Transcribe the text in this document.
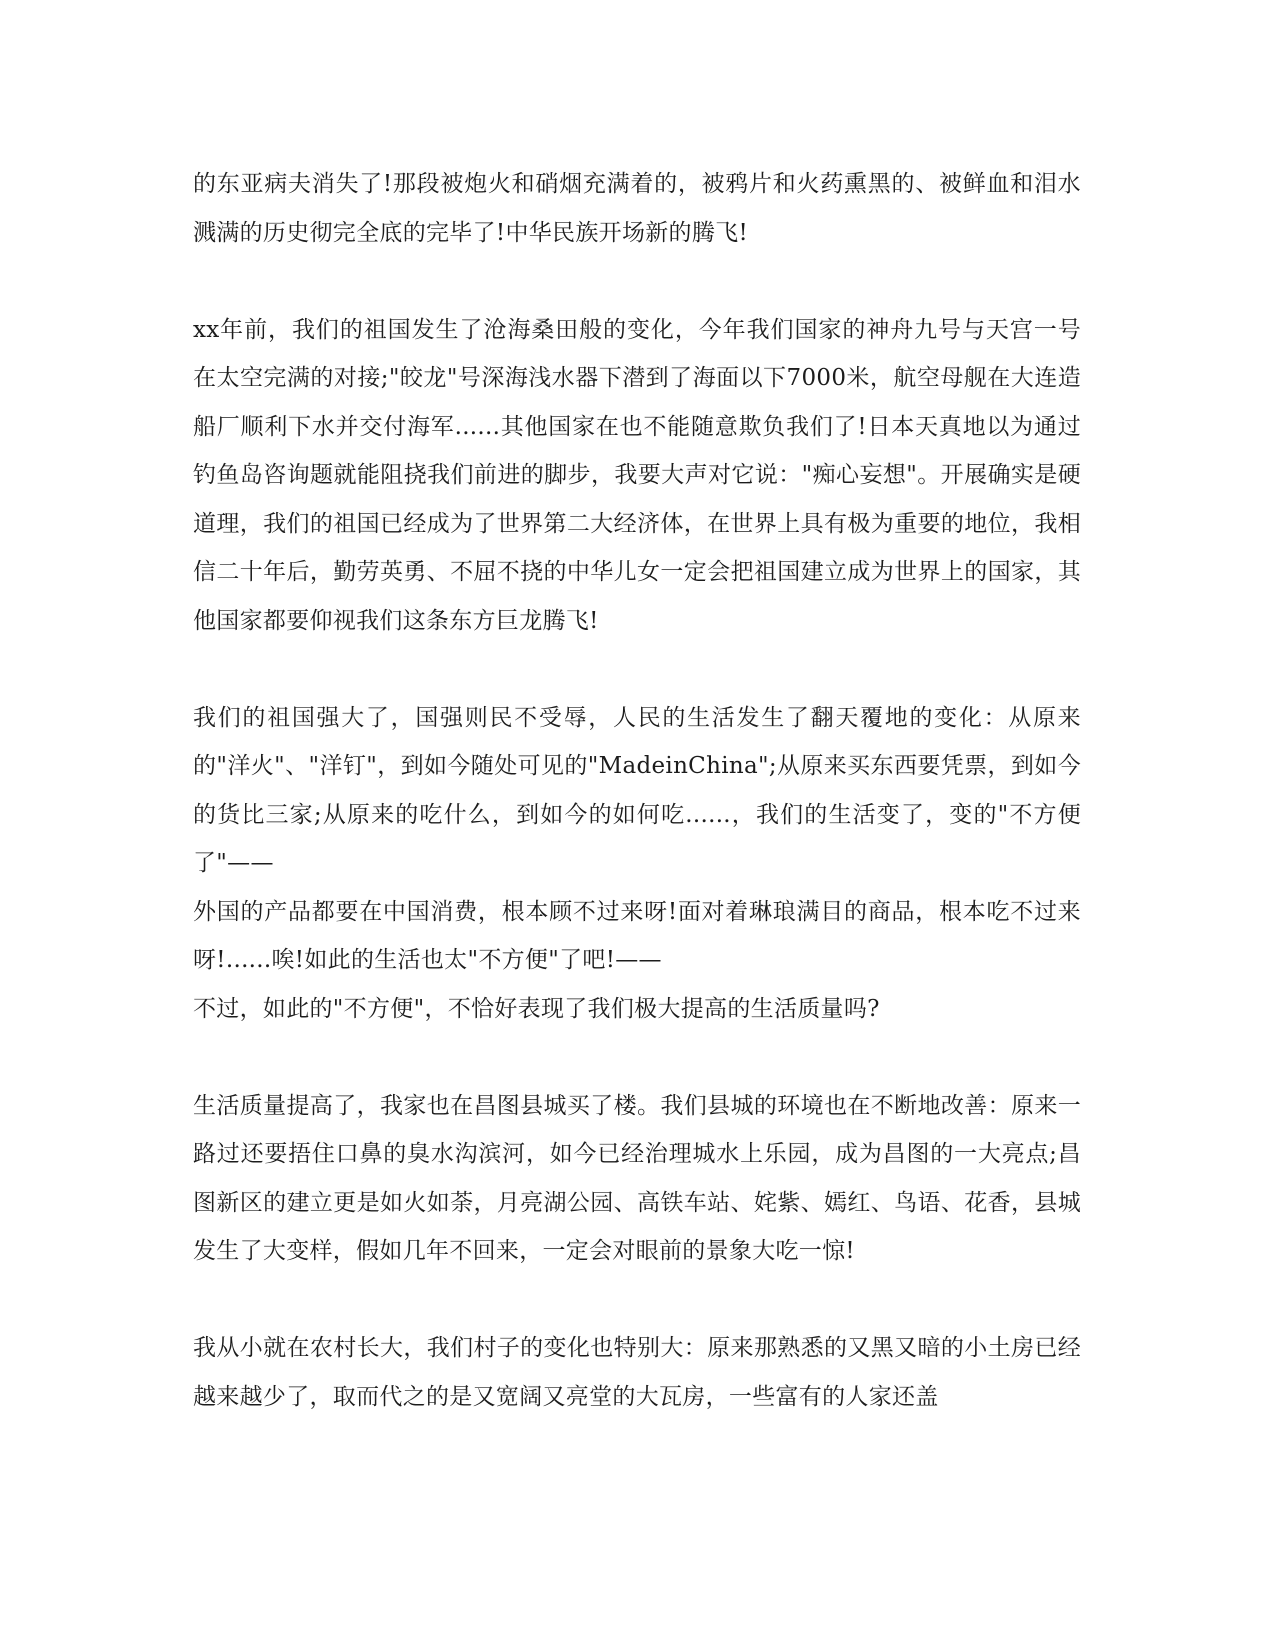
的东亚病夫消失了!那段被炮火和硝烟充满着的，被鸦片和火药熏黑的、被鲜血和泪水溅满的历史彻完全底的完毕了!中华民族开场新的腾飞!

xx年前，我们的祖国发生了沧海桑田般的变化，今年我们国家的神舟九号与天宫一号在太空完满的对接;"皎龙"号深海浅水器下潜到了海面以下7000米，航空母舰在大连造船厂顺利下水并交付海军......其他国家在也不能随意欺负我们了!日本天真地以为通过钓鱼岛咨询题就能阻挠我们前进的脚步，我要大声对它说："痴心妄想"。开展确实是硬道理，我们的祖国已经成为了世界第二大经济体，在世界上具有极为重要的地位，我相信二十年后，勤劳英勇、不屈不挠的中华儿女一定会把祖国建立成为世界上的国家，其他国家都要仰视我们这条东方巨龙腾飞!

我们的祖国强大了，国强则民不受辱，人民的生活发生了翻天覆地的变化：从原来的"洋火"、"洋钉"，到如今随处可见的"MadeinChina";从原来买东西要凭票，到如今的货比三家;从原来的吃什么，到如今的如何吃......，我们的生活变了，变的"不方便了"——

外国的产品都要在中国消费，根本顾不过来呀!面对着琳琅满目的商品，根本吃不过来呀!......唉!如此的生活也太"不方便"了吧!——

不过，如此的"不方便"，不恰好表现了我们极大提高的生活质量吗?

生活质量提高了，我家也在昌图县城买了楼。我们县城的环境也在不断地改善：原来一路过还要捂住口鼻的臭水沟滨河，如今已经治理城水上乐园，成为昌图的一大亮点;昌图新区的建立更是如火如荼，月亮湖公园、高铁车站、姹紫、嫣红、鸟语、花香，县城发生了大变样，假如几年不回来，一定会对眼前的景象大吃一惊!

我从小就在农村长大，我们村子的变化也特别大：原来那熟悉的又黑又暗的小土房已经越来越少了，取而代之的是又宽阔又亮堂的大瓦房，一些富有的人家还盖
